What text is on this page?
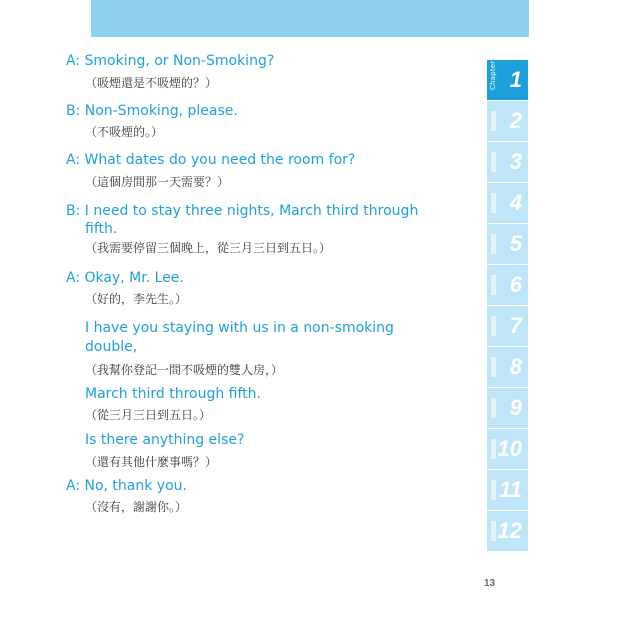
A: Smoking, or Non-Smoking?
（吸煙還是不吸煙的？）
B: Non-Smoking, please.
（不吸煙的。）
A: What dates do you need the room for?
（這個房間那一天需要？）
B: I need to stay three nights, March third through
fifth.
（我需要停留三個晚上，從三月三日到五日。）
A: Okay, Mr. Lee.
（好的，李先生。）
I have you staying with us in a non-smoking
double,
（我幫你登記一間不吸煙的雙人房，）
March third through fifth.
（從三月三日到五日。）
Is there anything else?
（還有其他什麼事嗎？）
A: No, thank you.
（沒有，謝謝你。）
Chapter 1
2
3
4
5
6
7
8
9
10
11
12
13
